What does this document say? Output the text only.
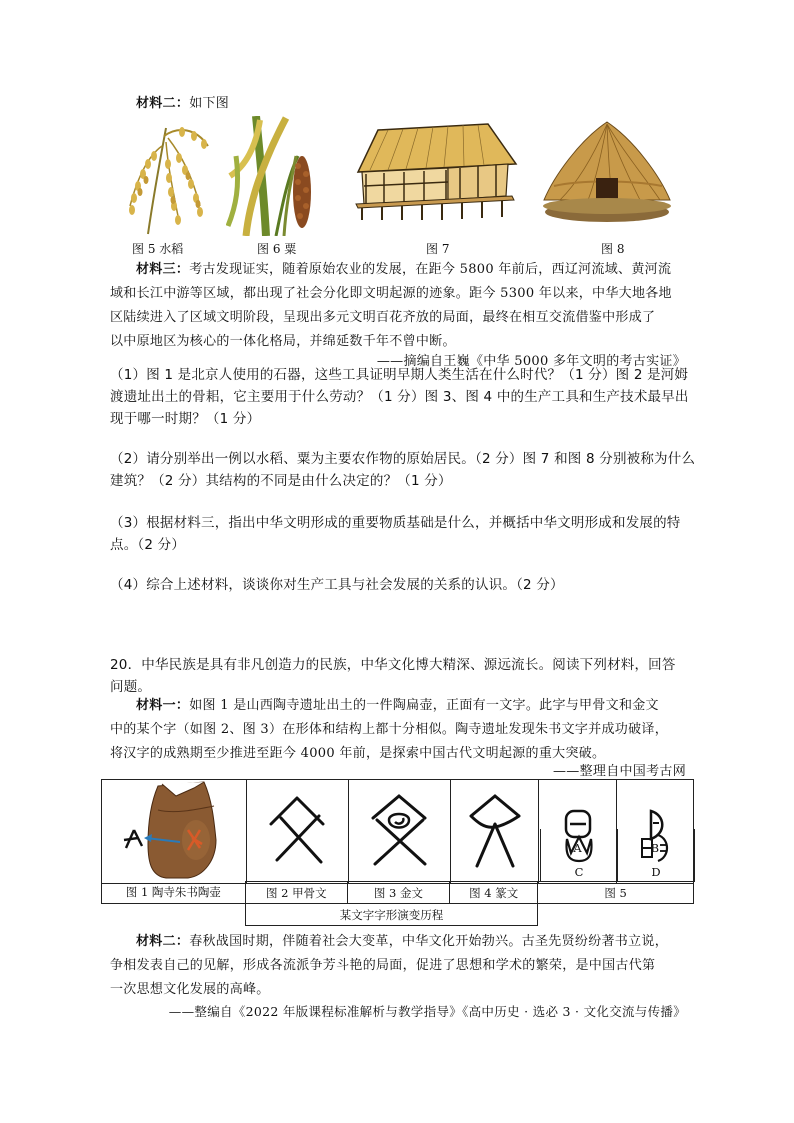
材料二：如下图
图 5 水稻	图 6 粟	图 7	图 8
材料三：考古发现证实，随着原始农业的发展，在距今 5800 年前后，西辽河流域、黄河流
域和长江中游等区域，都出现了社会分化即文明起源的迹象。距今 5300 年以来，中华大地各地
区陆续进入了区域文明阶段，呈现出多元文明百花齐放的局面，最终在相互交流借鉴中形成了
以中原地区为核心的一体化格局，并绵延数千年不曾中断。
——摘编自王巍《中华 5000 多年文明的考古实证》
（1）图 1 是北京人使用的石器，这些工具证明早期人类生活在什么时代？（1 分）图 2 是河姆
渡遗址出土的骨耜，它主要用于什么劳动？（1 分）图 3、图 4 中的生产工具和生产技术最早出
现于哪一时期？（1 分）
（2）请分别举出一例以水稻、粟为主要农作物的原始居民。（2 分）图 7 和图 8 分别被称为什么
建筑？（2 分）其结构的不同是由什么决定的？（1 分）
（3）根据材料三，指出中华文明形成的重要物质基础是什么，并概括中华文明形成和发展的特
点。（2 分）
（4）综合上述材料，谈谈你对生产工具与社会发展的关系的认识。（2 分）
20．中华民族是具有非凡创造力的民族，中华文化博大精深、源远流长。阅读下列材料，回答
问题。
材料一：如图 1 是山西陶寺遗址出土的一件陶扁壶，正面有一文字。此字与甲骨文和金文
中的某个字（如图 2、图 3）在形体和结构上都十分相似。陶寺遗址发现朱书文字并成功破译，
将汉字的成熟期至少推进至距今 4000 年前，是探索中国古代文明起源的重大突破。
——整理自中国考古网

A	B

C	D
图 1 陶寺朱书陶壶	图 2 甲骨文	图 3 金文	图 4 篆文	图 5
	某文字字形演变历程			
材料二：春秋战国时期，伴随着社会大变革，中华文化开始勃兴。古圣先贤纷纷著书立说，
争相发表自己的见解，形成各流派争芳斗艳的局面，促进了思想和学术的繁荣，是中国古代第
一次思想文化发展的高峰。
——整编自《2022 年版课程标准解析与教学指导》《高中历史 · 选必 3 · 文化交流与传播》
